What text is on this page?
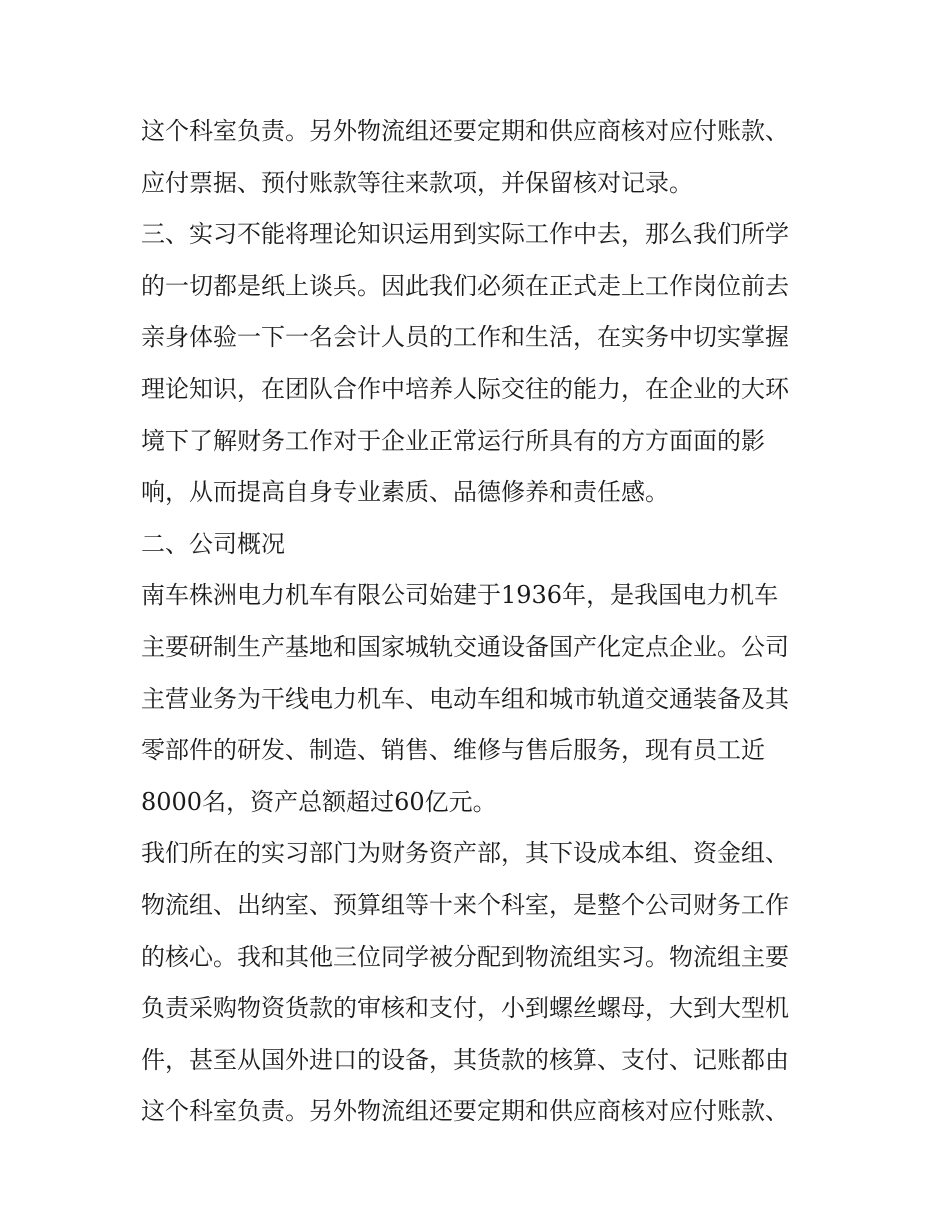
这个科室负责。另外物流组还要定期和供应商核对应付账款、
应付票据、预付账款等往来款项，并保留核对记录。
三、实习不能将理论知识运用到实际工作中去，那么我们所学
的一切都是纸上谈兵。因此我们必须在正式走上工作岗位前去
亲身体验一下一名会计人员的工作和生活，在实务中切实掌握
理论知识，在团队合作中培养人际交往的能力，在企业的大环
境下了解财务工作对于企业正常运行所具有的方方面面的影
响，从而提高自身专业素质、品德修养和责任感。
二、公司概况
南车株洲电力机车有限公司始建于1936年，是我国电力机车
主要研制生产基地和国家城轨交通设备国产化定点企业。公司
主营业务为干线电力机车、电动车组和城市轨道交通装备及其
零部件的研发、制造、销售、维修与售后服务，现有员工近
8000名，资产总额超过60亿元。
我们所在的实习部门为财务资产部，其下设成本组、资金组、
物流组、出纳室、预算组等十来个科室，是整个公司财务工作
的核心。我和其他三位同学被分配到物流组实习。物流组主要
负责采购物资货款的审核和支付，小到螺丝螺母，大到大型机
件，甚至从国外进口的设备，其货款的核算、支付、记账都由
这个科室负责。另外物流组还要定期和供应商核对应付账款、
